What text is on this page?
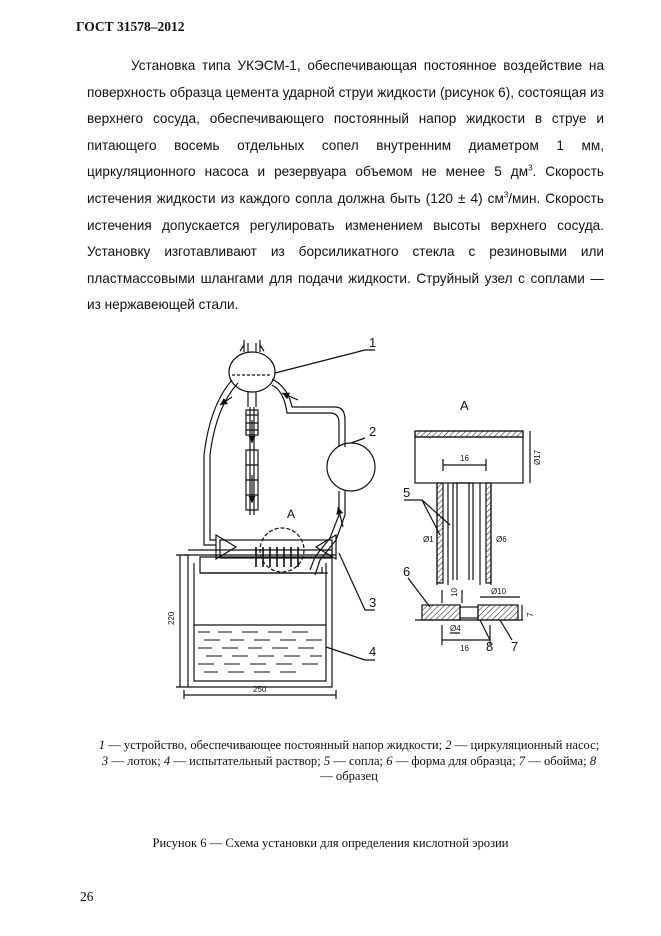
ГОСТ 31578–2012

Установка типа УКЭСМ-1, обеспечивающая постоянное воздействие на поверхность образца цемента ударной струи жидкости (рисунок 6), состоящая из верхнего сосуда, обеспечивающего постоянный напор жидкости в струе и питающего восемь отдельных сопел внутренним диаметром 1 мм, циркуляционного насоса и резервуара объемом не менее 5 $дм^3$. Скорость истечения жидкости из каждого сопла должна быть (120 ± 4) $см^3$/мин. Скорость истечения допускается регулировать изменением высоты верхнего сосуда. Установку изготавливают из борсиликатного стекла с резиновыми или пластмассовыми шлангами для подачи жидкости. Струйный узел с соплами — из нержавеющей стали.

1
2
3
4
А
220
250
А
Ø17
16
5
Ø1	Ø6
6
10	Ø10
7
Ø4
16 8 7

1 — устройство, обеспечивающее постоянный напор жидкости; 2 — циркуляционный насос; 3 — лоток; 4 — испытательный раствор; 5 — сопла; 6 — форма для образца; 7 — обойма; 8 — образец

Рисунок 6 — Схема установки для определения кислотной эрозии
26
